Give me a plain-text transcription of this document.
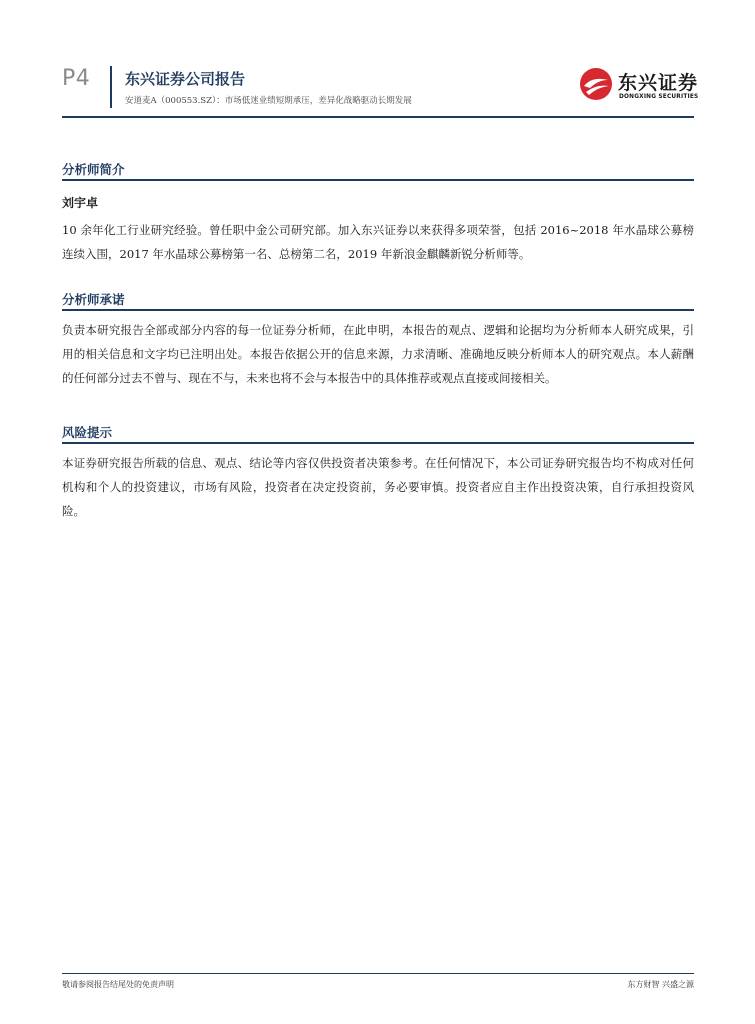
P4 东兴证券公司报告
安道麦A（000553.SZ）：市场低迷业绩短期承压，差异化战略驱动长期发展
东兴证券
DONGXING SECURITIES
分析师简介
刘宇卓
10 余年化工行业研究经验。曾任职中金公司研究部。加入东兴证券以来获得多项荣誉，包括 2016~2018 年水晶球公募榜连续入围，2017 年水晶球公募榜第一名、总榜第二名，2019 年新浪金麒麟新锐分析师等。
分析师承诺
负责本研究报告全部或部分内容的每一位证券分析师，在此申明，本报告的观点、逻辑和论据均为分析师本人研究成果，引用的相关信息和文字均已注明出处。本报告依据公开的信息来源，力求清晰、准确地反映分析师本人的研究观点。本人薪酬的任何部分过去不曾与、现在不与，未来也将不会与本报告中的具体推荐或观点直接或间接相关。
风险提示
本证券研究报告所载的信息、观点、结论等内容仅供投资者决策参考。在任何情况下，本公司证券研究报告均不构成对任何机构和个人的投资建议，市场有风险，投资者在决定投资前，务必要审慎。投资者应自主作出投资决策，自行承担投资风险。
敬请参阅报告结尾处的免责声明	东方财智 兴盛之源
